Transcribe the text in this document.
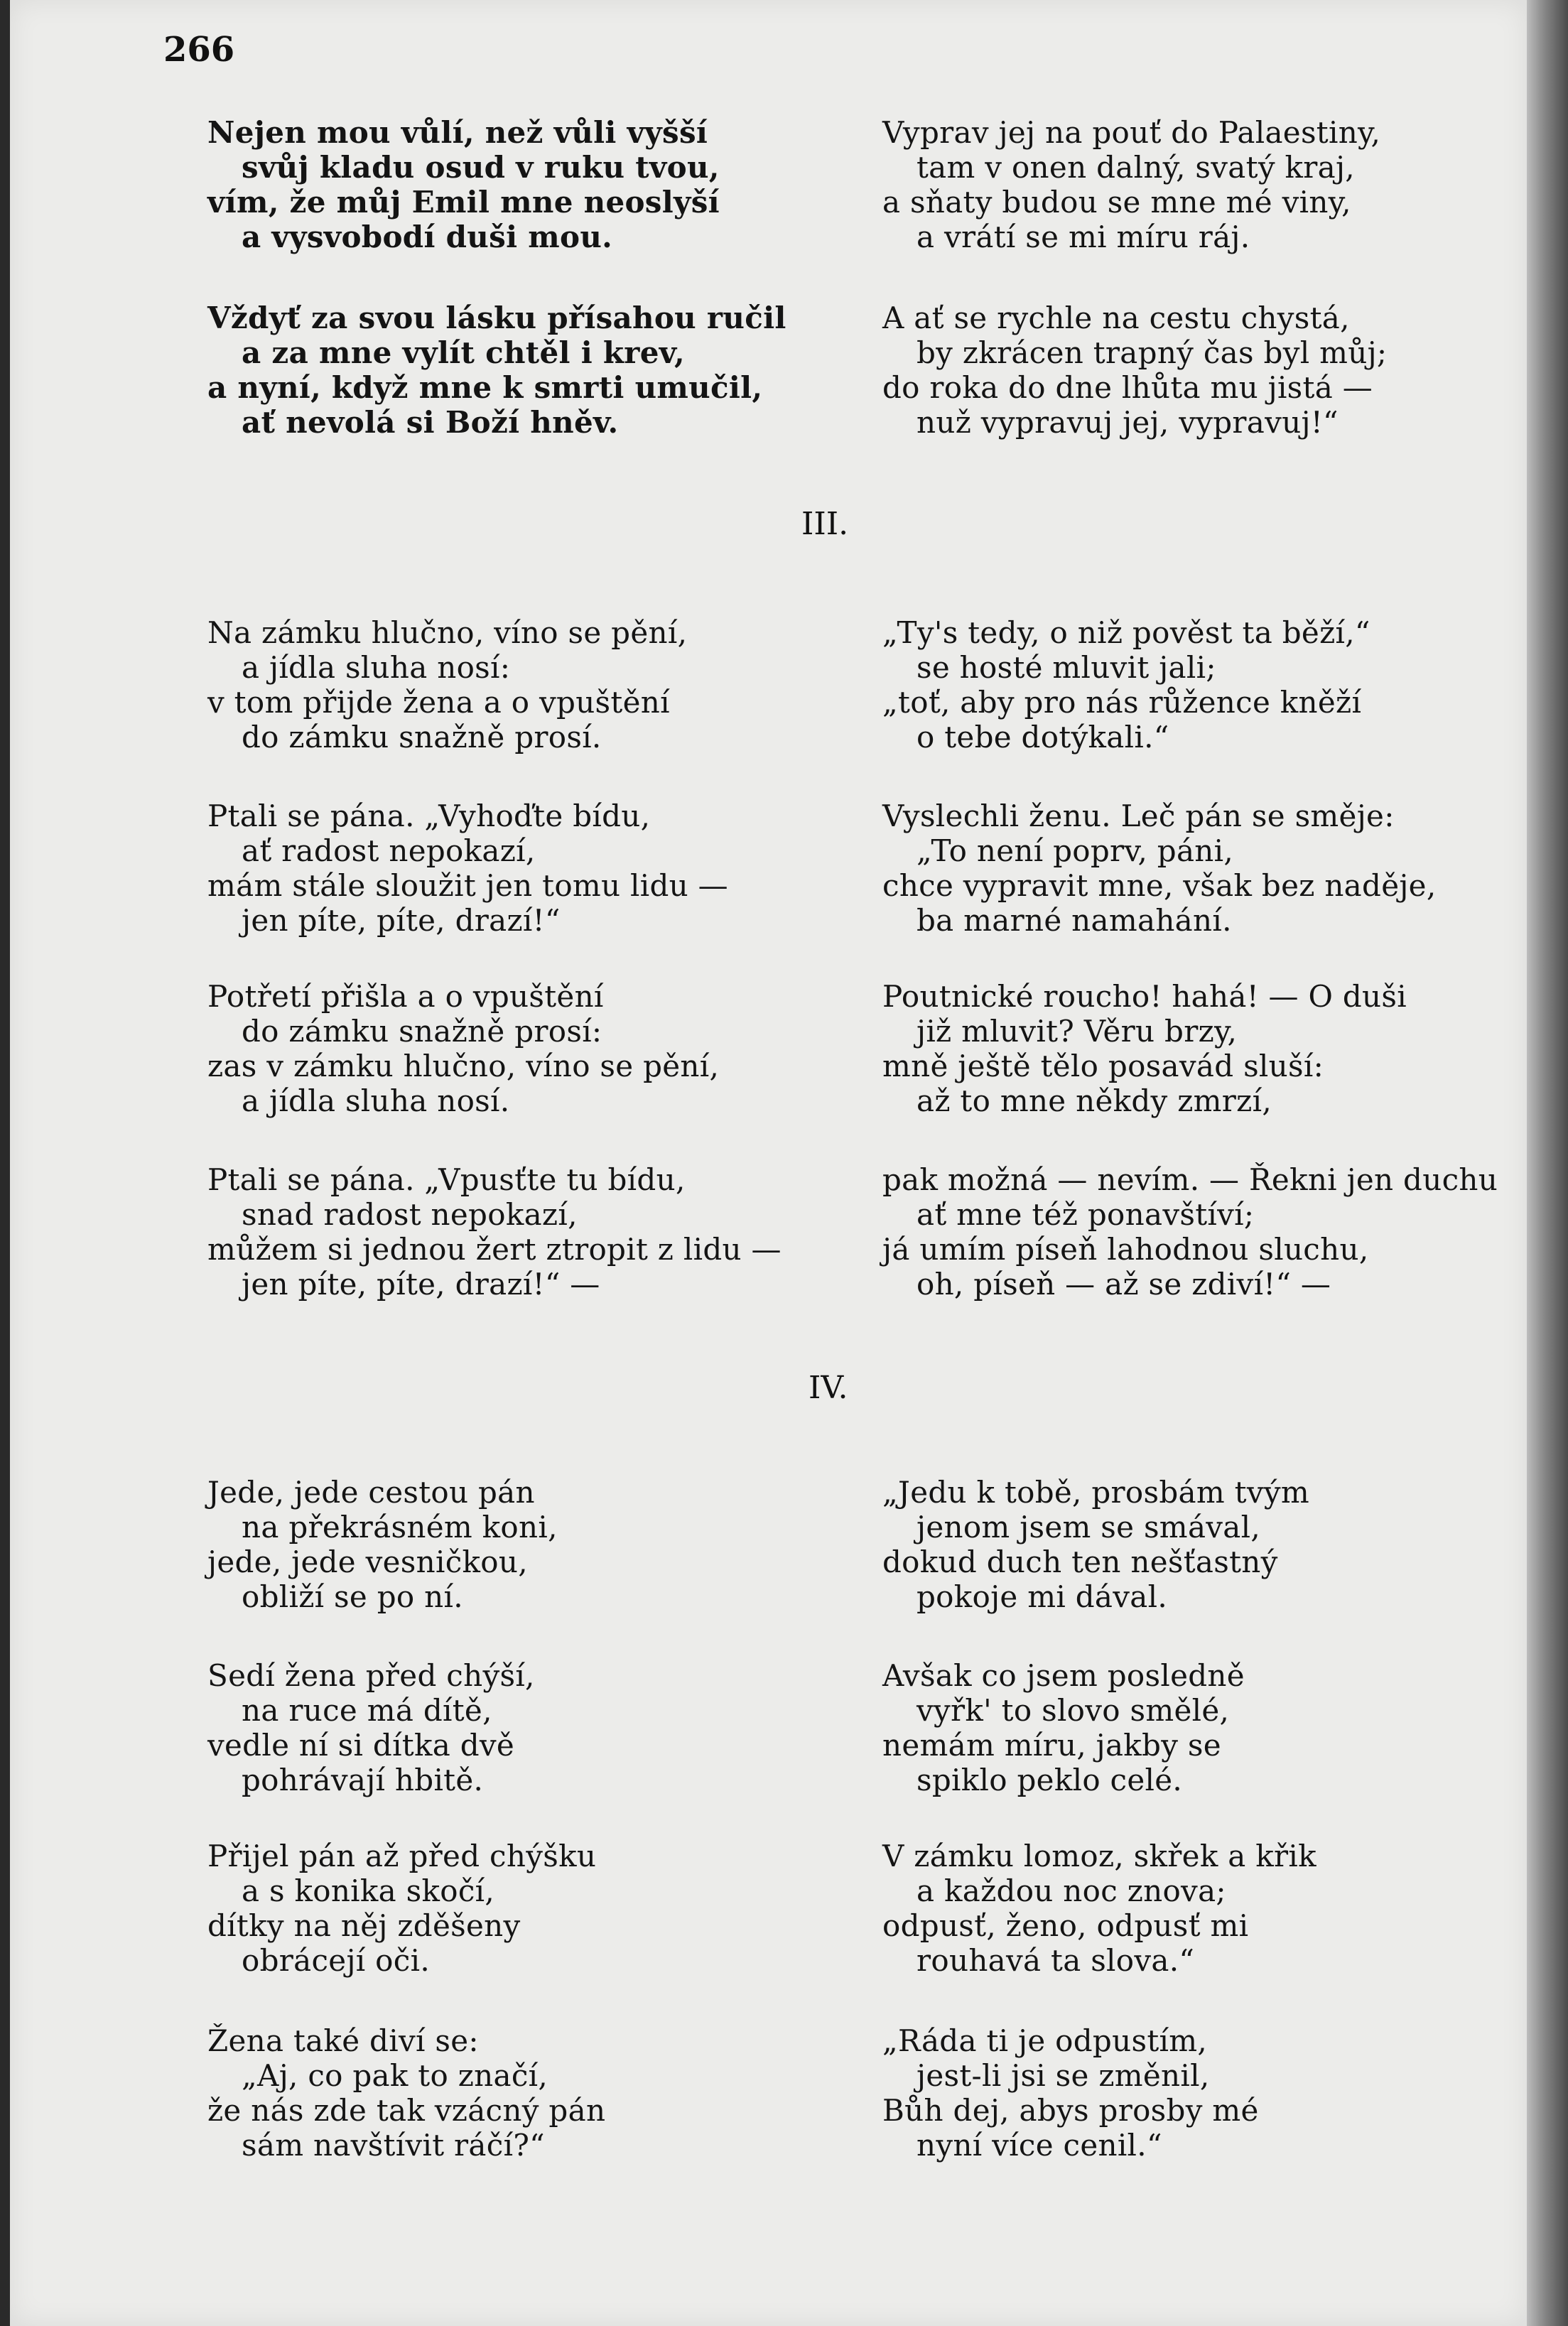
266
III.
IV.
Nejen mou vůlí, než vůli vyšší
svůj kladu osud v ruku tvou,
vím, že můj Emil mne neoslyší
a vysvobodí duši mou.
Vždyť za svou lásku přísahou ručil
a za mne vylít chtěl i krev,
a nyní, když mne k smrti umučil,
ať nevolá si Boží hněv.
Na zámku hlučno, víno se pění,
a jídla sluha nosí:
v tom přijde žena a o vpuštění
do zámku snažně prosí.
Ptali se pána. „Vyhoďte bídu,
ať radost nepokazí,
mám stále sloužit jen tomu lidu —
jen píte, píte, drazí!“
Potřetí přišla a o vpuštění
do zámku snažně prosí:
zas v zámku hlučno, víno se pění,
a jídla sluha nosí.
Ptali se pána. „Vpusťte tu bídu,
snad radost nepokazí,
můžem si jednou žert ztropit z lidu —
jen píte, píte, drazí!“ —
Jede, jede cestou pán
na překrásném koni,
jede, jede vesničkou,
obliží se po ní.
Sedí žena před chýší,
na ruce má dítě,
vedle ní si dítka dvě
pohrávají hbitě.
Přijel pán až před chýšku
a s konika skočí,
dítky na něj zděšeny
obrácejí oči.
Žena také diví se:
„Aj, co pak to značí,
že nás zde tak vzácný pán
sám navštívit ráčí?“
Vyprav jej na pouť do Palaestiny,
tam v onen dalný, svatý kraj,
a sňaty budou se mne mé viny,
a vrátí se mi míru ráj.
A ať se rychle na cestu chystá,
by zkrácen trapný čas byl můj;
do roka do dne lhůta mu jistá —
nuž vypravuj jej, vypravuj!“
„Ty's tedy, o niž pověst ta běží,“
se hosté mluvit jali;
„toť, aby pro nás růžence kněží
o tebe dotýkali.“
Vyslechli ženu. Leč pán se směje:
„To není poprv, páni,
chce vypravit mne, však bez naděje,
ba marné namahání.
Poutnické roucho! hahá! — O duši
již mluvit? Věru brzy,
mně ještě tělo posavád sluší:
až to mne někdy zmrzí,
pak možná — nevím. — Řekni jen duchu
ať mne též ponavštíví;
já umím píseň lahodnou sluchu,
oh, píseň — až se zdiví!“ —
„Jedu k tobě, prosbám tvým
jenom jsem se smával,
dokud duch ten nešťastný
pokoje mi dával.
Avšak co jsem posledně
vyřk' to slovo smělé,
nemám míru, jakby se
spiklo peklo celé.
V zámku lomoz, skřek a křik
a každou noc znova;
odpusť, ženo, odpusť mi
rouhavá ta slova.“
„Ráda ti je odpustím,
jest-li jsi se změnil,
Bůh dej, abys prosby mé
nyní více cenil.“
